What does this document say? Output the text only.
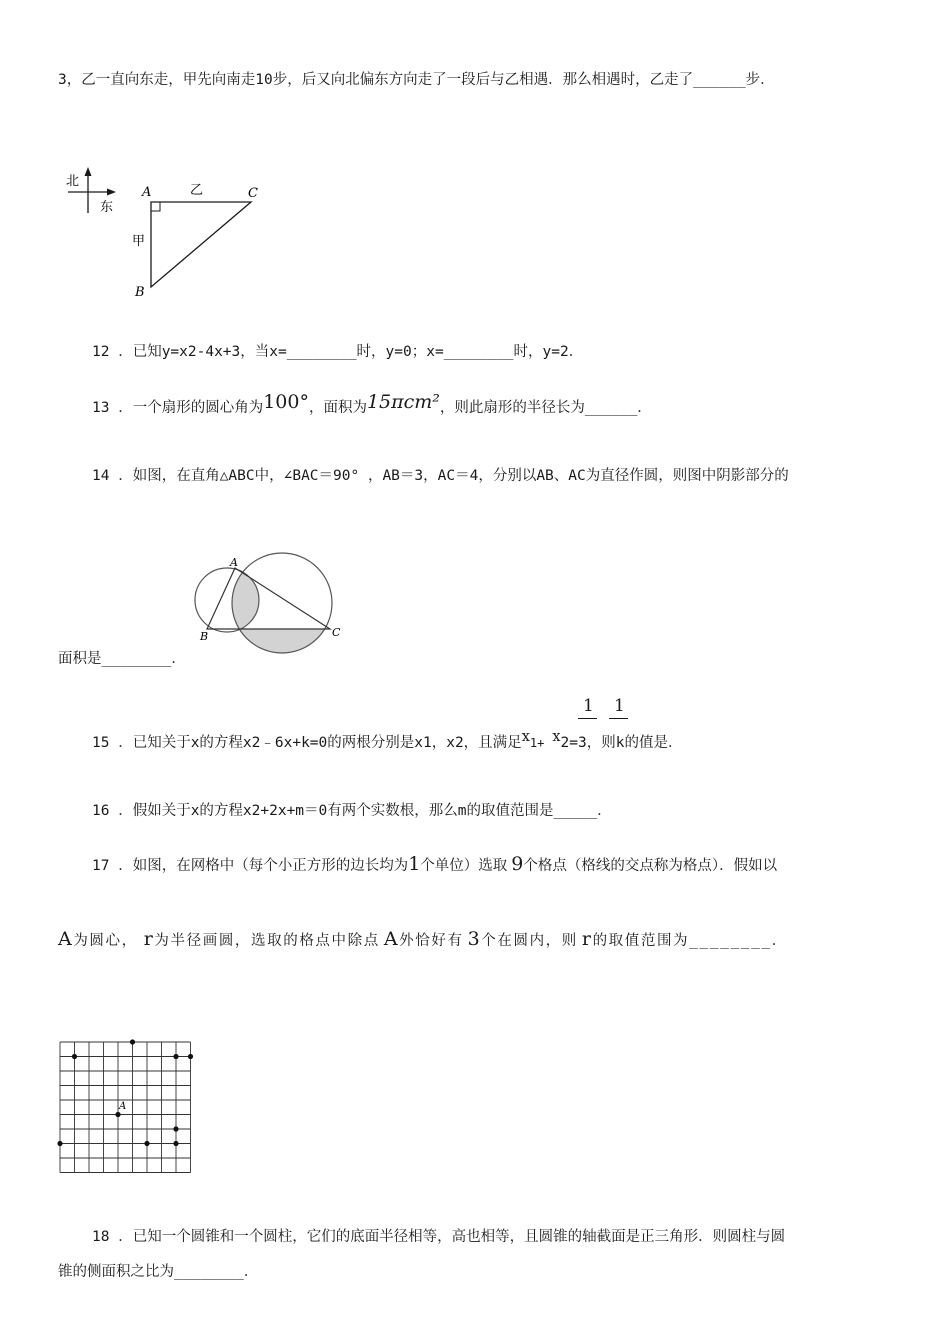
3，乙一直向东走，甲先向南走10步，后又向北偏东方向走了一段后与乙相遇．那么相遇时，乙走了______步．
北
东
A
B
C
乙
甲
12 ．已知y=x2-4x+3，当x=________时，y=0；x=________时，y=2．
13 ．一个扇形的圆心角为100°，面积为15πcm²，则此扇形的半径长为______．
14 ．如图，在直角△ABC中，∠BAC＝90° ，AB＝3，AC＝4，分别以AB、AC为直径作圆，则图中阴影部分的
A
B	C
面积是________．
1 1
15 ．已知关于x的方程x2﹣6x+k=0的两根分别是x1，x2，且满足x1+ x2=3，则k的值是．
16 ．假如关于x的方程x2+2x+m＝0有两个实数根，那么m的取值范围是_____．
17 ．如图，在网格中（每个小正方形的边长均为1个单位）选取 9个格点（格线的交点称为格点）．假如以
A为圆心， r为半径画圆，选取的格点中除点 A外恰好有 3个在圆内，则 r的取值范围为________．
A
18 ．已知一个圆锥和一个圆柱，它们的底面半径相等，高也相等，且圆锥的轴截面是正三角形．则圆柱与圆
锥的侧面积之比为________．
